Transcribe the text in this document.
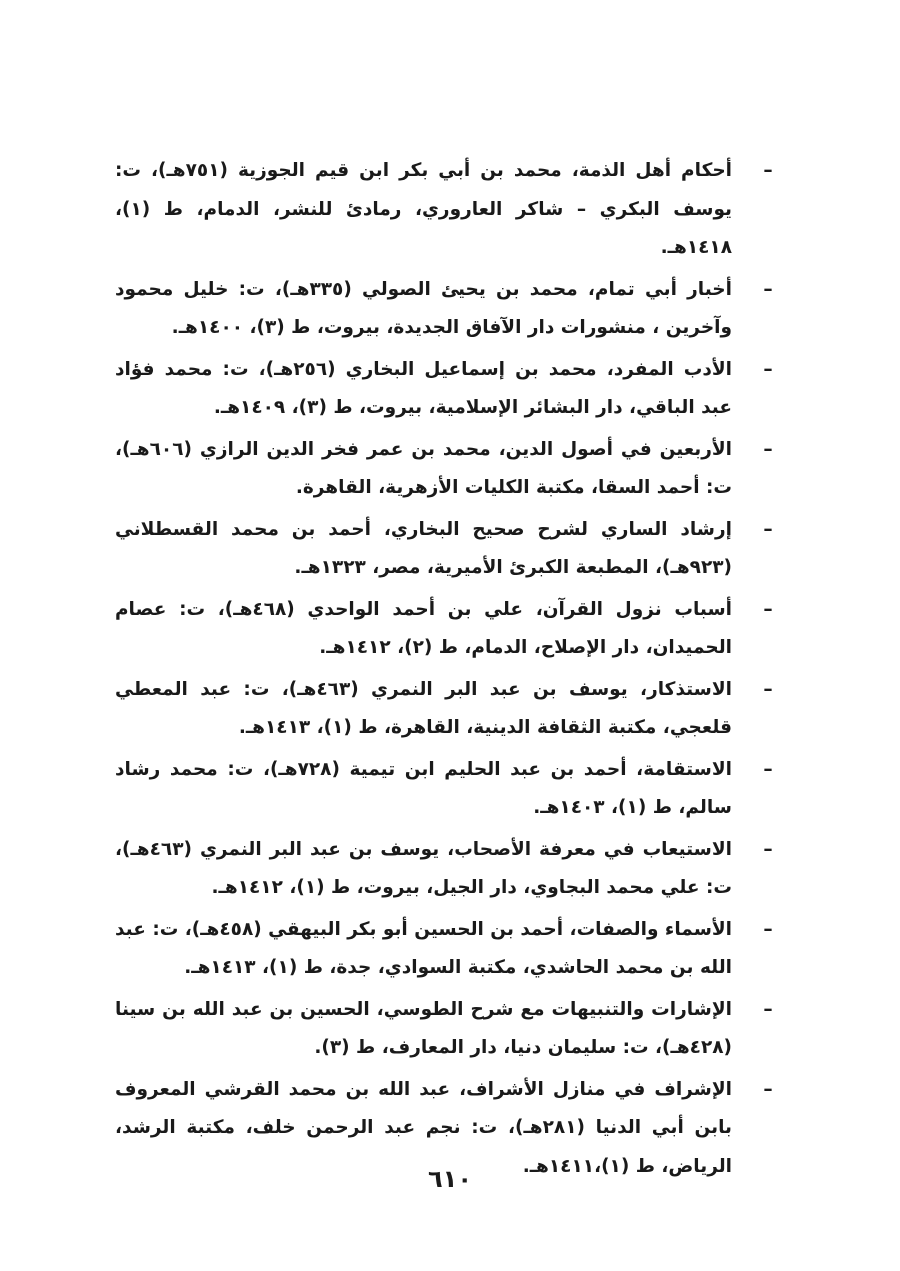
–
أحكام أهل الذمة، محمد بن أبي بكر ابن قيم الجوزية (٧٥١هـ)، ت: يوسف البكري – شاكر العاروري، رمادئ للنشر، الدمام، ط (١)، ١٤١٨هـ.
–
أخبار أبي تمام، محمد بن يحيئ الصولي (٣٣٥هـ)، ت: خليل محمود وآخرين ، منشورات دار الآفاق الجديدة، بيروت، ط (٣)، ١٤٠٠هـ.
–
الأدب المفرد، محمد بن إسماعيل البخاري (٢٥٦هـ)، ت: محمد فؤاد عبد الباقي، دار البشائر الإسلامية، بيروت، ط (٣)، ١٤٠٩هـ.
–
الأربعين في أصول الدين، محمد بن عمر فخر الدين الرازي (٦٠٦هـ)، ت: أحمد السقا، مكتبة الكليات الأزهرية، القاهرة.
–
إرشاد الساري لشرح صحيح البخاري، أحمد بن محمد القسطلاني (٩٢٣هـ)، المطبعة الكبرئ الأميرية، مصر، ١٣٢٣هـ.
–
أسباب نزول القرآن، علي بن أحمد الواحدي (٤٦٨هـ)، ت: عصام الحميدان، دار الإصلاح، الدمام، ط (٢)، ١٤١٢هـ.
–
الاستذكار، يوسف بن عبد البر النمري (٤٦٣هـ)، ت: عبد المعطي قلعجي، مكتبة الثقافة الدينية، القاهرة، ط (١)، ١٤١٣هـ.
–
الاستقامة، أحمد بن عبد الحليم ابن تيمية (٧٢٨هـ)، ت: محمد رشاد سالم، ط (١)، ١٤٠٣هـ.
–
الاستيعاب في معرفة الأصحاب، يوسف بن عبد البر النمري (٤٦٣هـ)، ت: علي محمد البجاوي، دار الجيل، بيروت، ط (١)، ١٤١٢هـ.
–
الأسماء والصفات، أحمد بن الحسين أبو بكر البيهقي (٤٥٨هـ)، ت: عبد الله بن محمد الحاشدي، مكتبة السوادي، جدة، ط (١)، ١٤١٣هـ.
–
الإشارات والتنبيهات مع شرح الطوسي، الحسين بن عبد الله بن سينا (٤٢٨هـ)، ت: سليمان دنيا، دار المعارف، ط (٣).
–
الإشراف في منازل الأشراف، عبد الله بن محمد القرشي المعروف بابن أبي الدنيا (٢٨١هـ)، ت: نجم عبد الرحمن خلف، مكتبة الرشد، الرياض، ط (١)،١٤١١هـ.
٦١٠
